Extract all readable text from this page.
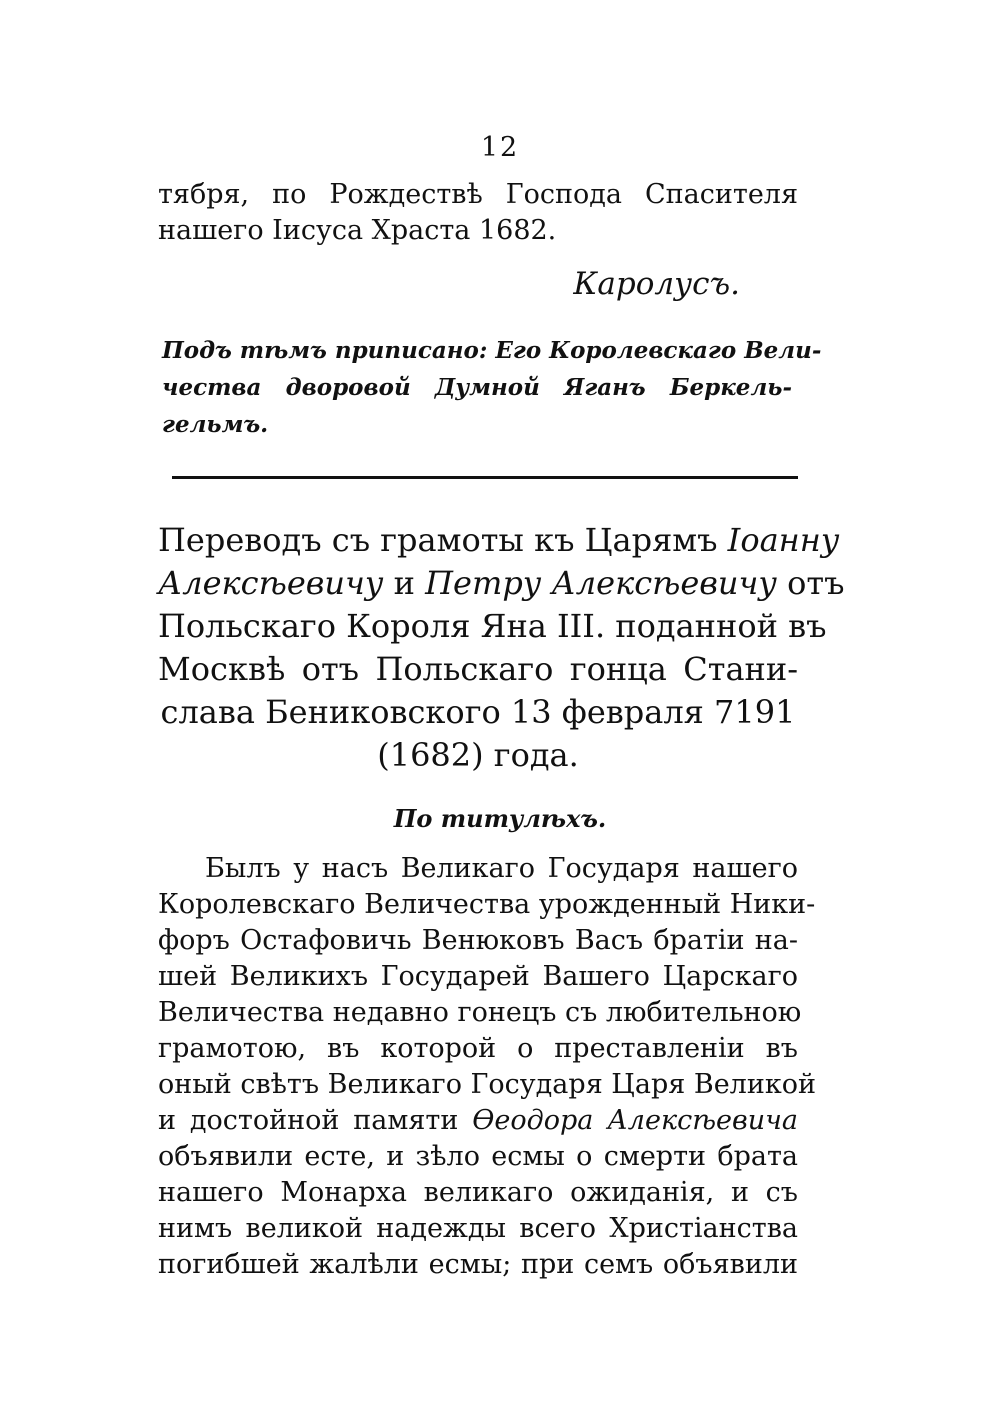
12
тября, по Рождествѣ Господа Спасителя
нашего Іисуса Храста 1682.
Каролусъ.
Подъ тѣмъ приписано: Его Королевскаго Вели-
чества дворовой Думной Яганъ Беркель-
гельмъ.
Переводъ съ грамоты къ Царямъ Іоанну
Алексѣевичу и Петру Алексѣевичу отъ
Польскаго Короля Яна III. поданной въ
Москвѣ отъ Польскаго гонца Стани-
слава Бениковского 13 февраля 7191
(1682) года.
По титулѣхъ.
Былъ у насъ Великаго Государя нашего
Королевскаго Величества урожденный Ники-
форъ Остафовичь Венюковъ Васъ братіи на-
шей Великихъ Государей Вашего Царскаго
Величества недавно гонецъ съ любительною
грамотою, въ которой о преставленіи въ
оный свѣтъ Великаго Государя Царя Великой
и достойной памяти Ѳеодора Алексѣевича
объявили есте, и зѣло есмы о смерти брата
нашего Монарха великаго ожиданія, и съ
нимъ великой надежды всего Христіанства
погибшей жалѣли есмы; при семъ объявили
